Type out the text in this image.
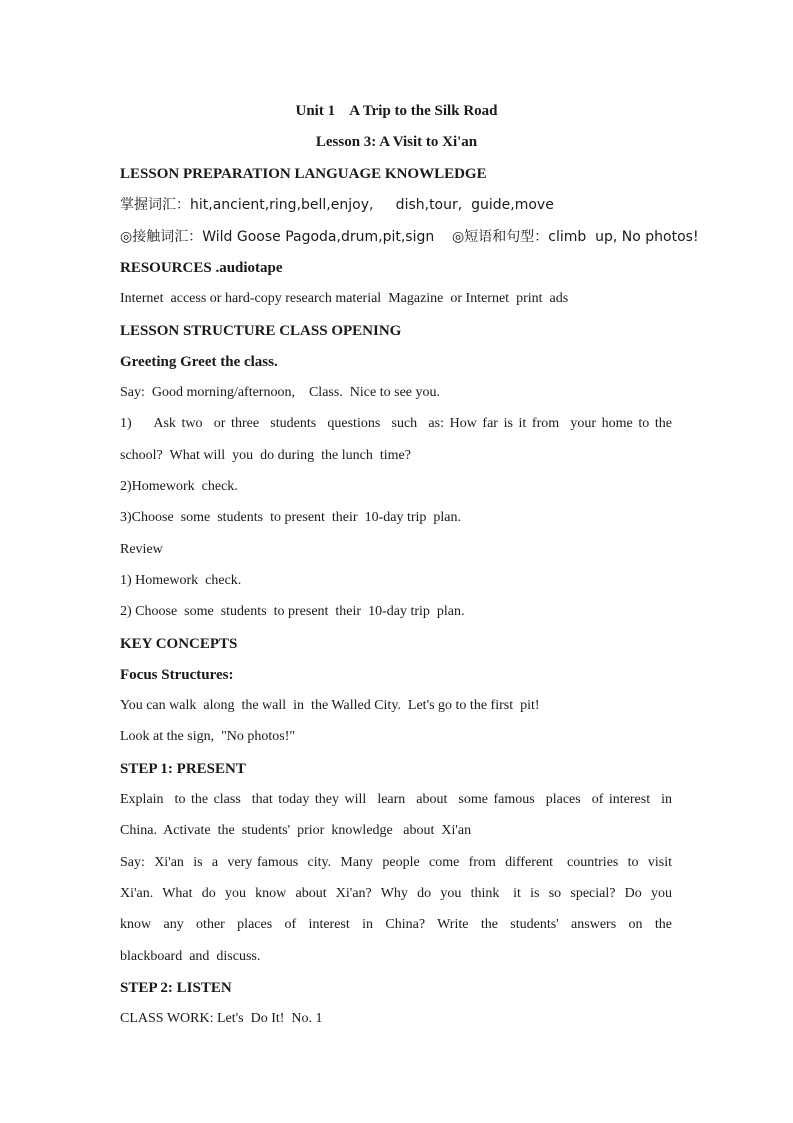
Unit 1    A Trip to the Silk Road
Lesson 3: A Visit to Xi'an
LESSON PREPARATION LANGUAGE KNOWLEDGE
掌握词汇：hit,ancient,ring,bell,enjoy,     dish,tour,  guide,move
◎接触词汇：Wild Goose Pagoda,drum,pit,sign    ◎短语和句型：climb  up, No photos!
RESOURCES .audiotape
Internet  access or hard-copy research material  Magazine  or Internet  print  ads
LESSON STRUCTURE CLASS OPENING
Greeting Greet the class.
Say:  Good morning/afternoon,    Class.  Nice to see you.
1)    Ask two  or three  students  questions  such  as: How far is it from  your home to the
school?  What will  you  do during  the lunch  time?
2)Homework  check.
3)Choose  some  students  to present  their  10-day trip  plan.
Review
1) Homework  check.
2) Choose  some  students  to present  their  10-day trip  plan.
KEY CONCEPTS
Focus Structures:
You can walk  along  the wall  in  the Walled City.  Let's go to the first  pit!
Look at the sign,  "No photos!"
STEP 1: PRESENT
Explain  to the class  that today they will  learn  about  some famous  places  of interest  in
China.  Activate  the  students'  prior  knowledge   about  Xi'an
Say:  Xi'an  is  a  very famous  city.  Many  people  come  from  different   countries  to  visit
Xi'an.  What  do  you  know  about  Xi'an?  Why  do  you  think   it  is  so  special?  Do  you
know  any  other  places  of  interest  in  China?  Write  the  students'  answers  on  the
blackboard  and  discuss.
STEP 2: LISTEN
CLASS WORK: Let's  Do It!  No. 1
